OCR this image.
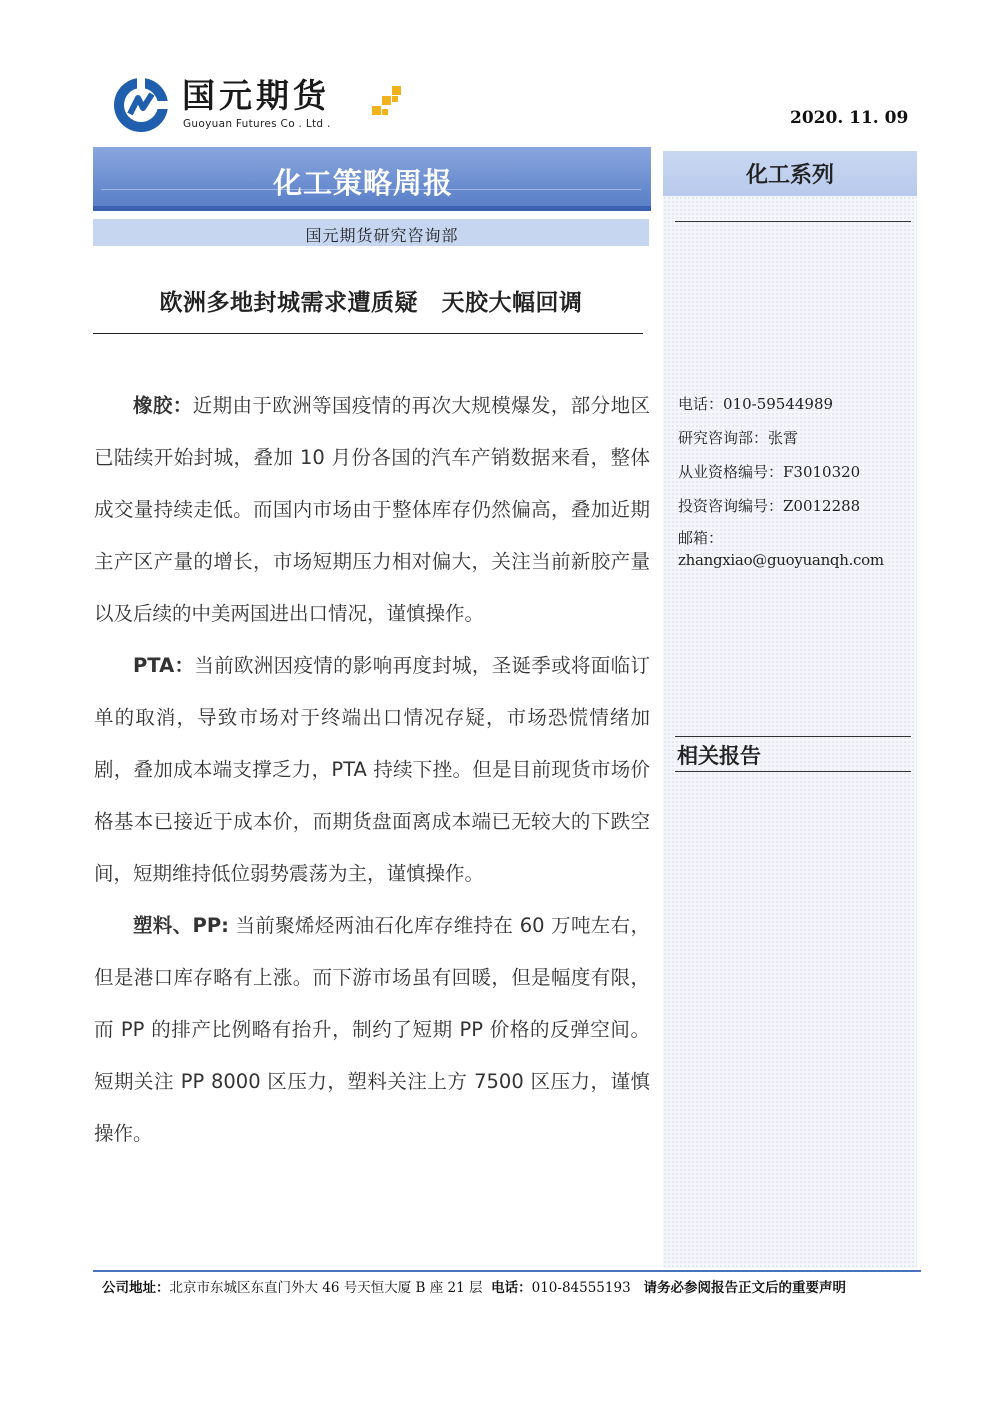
国元期货
Guoyuan Futures Co . Ltd .	2020. 11. 09
化工策略周报
国元期货研究咨询部
化工系列
欧洲多地封城需求遭质疑　天胶大幅回调

橡胶：近期由于欧洲等国疫情的再次大规模爆发，部分地区已陆续开始封城，叠加 10 月份各国的汽车产销数据来看，整体成交量持续走低。而国内市场由于整体库存仍然偏高，叠加近期主产区产量的增长，市场短期压力相对偏大，关注当前新胶产量以及后续的中美两国进出口情况，谨慎操作。

PTA：当前欧洲因疫情的影响再度封城，圣诞季或将面临订单的取消，导致市场对于终端出口情况存疑，市场恐慌情绪加剧，叠加成本端支撑乏力，PTA 持续下挫。但是目前现货市场价格基本已接近于成本价，而期货盘面离成本端已无较大的下跌空间，短期维持低位弱势震荡为主，谨慎操作。

塑料、PP: 当前聚烯烃两油石化库存维持在 60 万吨左右，但是港口库存略有上涨。而下游市场虽有回暖，但是幅度有限，而 PP 的排产比例略有抬升，制约了短期 PP 价格的反弹空间。短期关注 PP 8000 区压力，塑料关注上方 7500 区压力，谨慎操作。

电话：010-59544989
研究咨询部：张霄
从业资格编号：F3010320
投资咨询编号：Z0012288
邮箱：
zhangxiao@guoyuanqh.com
相关报告
公司地址：北京市东城区东直门外大 46 号天恒大厦 B 座 21 层 电话：010-84555193 请务必参阅报告正文后的重要声明
